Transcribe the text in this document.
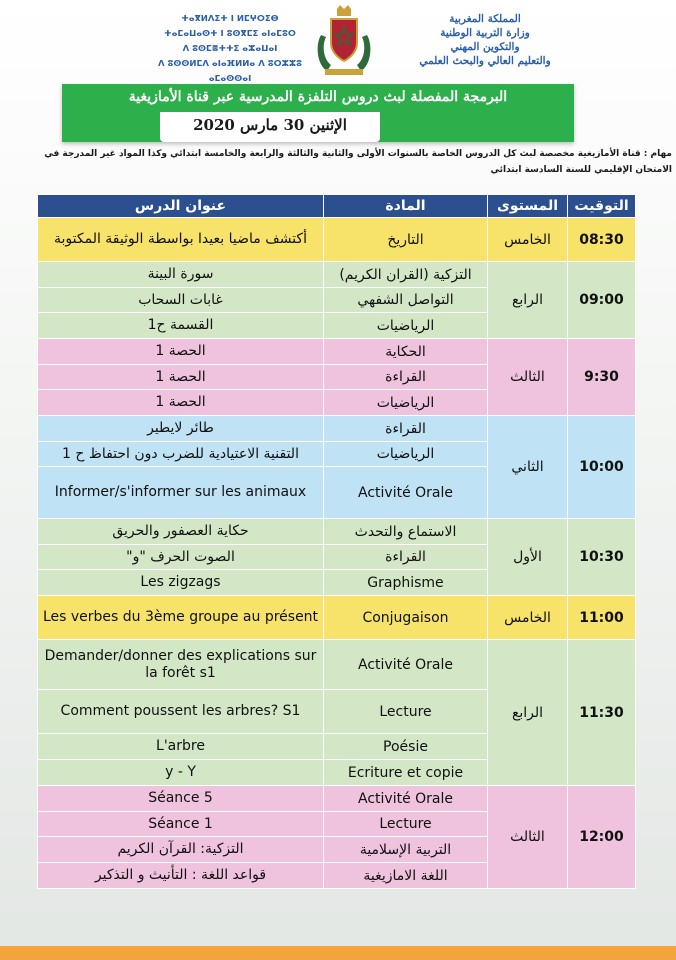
ⵜⴰⴳⵍⴷⵉⵜ ⵏ ⵍⵎⵖⵔⵉⴱ
ⵜⴰⵎⴰⵡⴰⵙⵜ ⵏ ⵓⵙⴳⵎⵉ ⴰⵏⴰⵎⵓⵔ
ⴷ ⵓⵙⵎⴻⵜⵜⵉ ⴰⵣⴰⵡⴰⵏ
ⴷ ⵓⵙⵙⵍⵎⴷ ⴰⵏⴰⴼⵍⵍⴰ ⴷ ⵓⵔⵣⵣⵓ ⴰⵎⴰⵙⵙⴰⵏ
المملكة المغربية
وزارة التربية الوطنية
والتكوين المهني
والتعليم العالي والبحث العلمي
البرمجة المفصلة لبث دروس التلفزة المدرسية عبر قناة الأمازيغية
الإثنين 30 مارس 2020
مهام : قناة الأمازيغية مخصصة لبث كل الدروس الخاصة بالسنوات الأولى والثانية والثالثة والرابعة والخامسة ابتدائي وكذا المواد غير المدرجة في الامتحان الإقليمي للسنة السادسة ابتدائي
التوقيت	المستوى	المادة	عنوان الدرس
08:30	الخامس	التاريخ	أكتشف ماضيا بعيدا بواسطة الوثيقة المكتوبة
09:00	الرابع	التزكية (القران الكريم)	سورة البينة
		التواصل الشفهي	غابات السحاب
		الرياضيات	القسمة ح1
9:30	الثالث	الحكاية	الحصة 1
		القراءة	الحصة 1
		الرياضيات	الحصة 1
10:00	الثاني	القراءة	طائر لايطير
		الرياضيات	التقنية الاعتيادية للضرب دون احتفاظ ح 1
		Activité Orale	Informer/s'informer sur les animaux
10:30	الأول	الاستماع والتحدث	حكاية العصفور والحريق
		القراءة	الصوت الحرف "و"
		Graphisme	Les zigzags
11:00	الخامس	Conjugaison	Les verbes du 3ème groupe au présent
11:30	الرابع	Activité Orale	Demander/donner des explications sur la forêt s1
		Lecture	Comment poussent les arbres? S1
		Poésie	L'arbre
		Ecriture et copie	y - Y
12:00	الثالث	Activité Orale	Séance 5
		Lecture	Séance 1
		التربية الإسلامية	التزكية: القرآن الكريم
		اللغة الامازيغية	قواعد اللغة : التأنيث و التذكير
